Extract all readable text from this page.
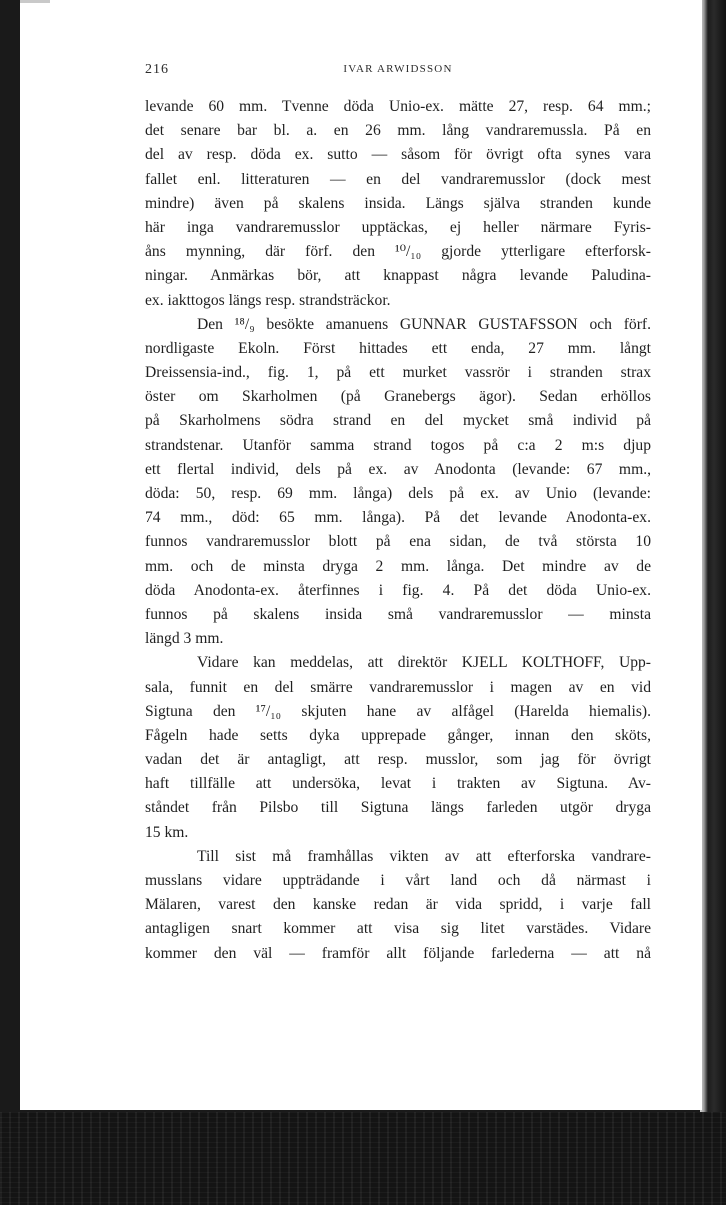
216	IVAR ARWIDSSON
levande 60 mm. Tvenne döda Unio-ex. mätte 27, resp. 64 mm.;
det senare bar bl. a. en 26 mm. lång vandraremussla. På en
del av resp. döda ex. sutto — såsom för övrigt ofta synes vara
fallet enl. litteraturen — en del vandraremusslor (dock mest
mindre) även på skalens insida. Längs själva stranden kunde
här inga vandraremusslor upptäckas, ej heller närmare Fyris-
åns mynning, där förf. den ¹⁰/₁₀ gjorde ytterligare efterforsk-
ningar. Anmärkas bör, att knappast några levande Paludina-
ex. iakttogos längs resp. strandsträckor.
Den ¹⁸/₉ besökte amanuens GUNNAR GUSTAFSSON och förf.
nordligaste Ekoln. Först hittades ett enda, 27 mm. långt
Dreissensia-ind., fig. 1, på ett murket vassrör i stranden strax
öster om Skarholmen (på Granebergs ägor). Sedan erhöllos
på Skarholmens södra strand en del mycket små individ på
strandstenar. Utanför samma strand togos på c:a 2 m:s djup
ett flertal individ, dels på ex. av Anodonta (levande: 67 mm.,
döda: 50, resp. 69 mm. långa) dels på ex. av Unio (levande:
74 mm., död: 65 mm. långa). På det levande Anodonta-ex.
funnos vandraremusslor blott på ena sidan, de två största 10
mm. och de minsta dryga 2 mm. långa. Det mindre av de
döda Anodonta-ex. återfinnes i fig. 4. På det döda Unio-ex.
funnos på skalens insida små vandraremusslor — minsta
längd 3 mm.
Vidare kan meddelas, att direktör KJELL KOLTHOFF, Upp-
sala, funnit en del smärre vandraremusslor i magen av en vid
Sigtuna den ¹⁷/₁₀ skjuten hane av alfågel (Harelda hiemalis).
Fågeln hade setts dyka upprepade gånger, innan den sköts,
vadan det är antagligt, att resp. musslor, som jag för övrigt
haft tillfälle att undersöka, levat i trakten av Sigtuna. Av-
ståndet från Pilsbo till Sigtuna längs farleden utgör dryga
15 km.
Till sist må framhållas vikten av att efterforska vandrare-
musslans vidare uppträdande i vårt land och då närmast i
Mälaren, varest den kanske redan är vida spridd, i varje fall
antagligen snart kommer att visa sig litet varstädes. Vidare
kommer den väl — framför allt följande farlederna — att nå
